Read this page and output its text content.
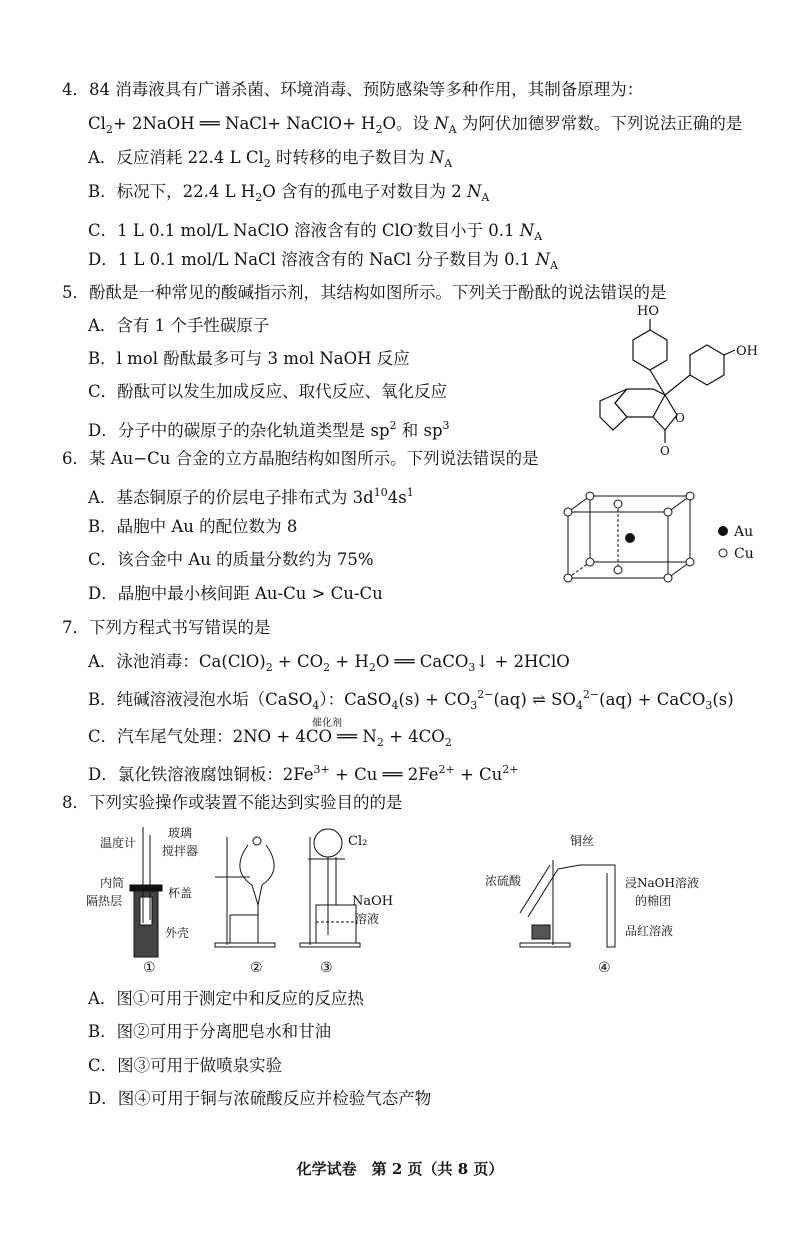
4．84 消毒液具有广谱杀菌、环境消毒、预防感染等多种作用，其制备原理为：
$Cl_2+$ 2NaOH ══ NaCl+ NaClO+ $H_2O$。设 $N_A$ 为阿伏加德罗常数。下列说法正确的是
A．反应消耗 22.4 L $Cl_2$ 时转移的电子数目为 $N_A$
B．标况下，22.4 L $H_2O$ 含有的孤电子对数目为 2 $N_A$
C．1 L 0.1 mol/L NaClO 溶液含有的 ClO-数目小于 0.1 $N_A$
D．1 L 0.1 mol/L NaCl 溶液含有的 NaCl 分子数目为 0.1 $N_A$
5．酚酞是一种常见的酸碱指示剂，其结构如图所示。下列关于酚酞的说法错误的是
A．含有 1 个手性碳原子
B．l mol 酚酞最多可与 3 mol NaOH 反应
C．酚酞可以发生加成反应、取代反应、氧化反应
D．分子中的碳原子的杂化轨道类型是 $sp^2$ 和 $sp^3$
HO
OH
O
O
6．某 Au−Cu 合金的立方晶胞结构如图所示。下列说法错误的是
A．基态铜原子的价层电子排布式为 $3d^{10}4s^1$
B．晶胞中 Au 的配位数为 8
C．该合金中 Au 的质量分数约为 75%
D．晶胞中最小核间距 Au-Cu > Cu-Cu
Au
Cu
7．下列方程式书写错误的是
A．泳池消毒：$Ca(ClO)_2 + CO_2 + H_2O$ ══ CaCO$_3$↓ + 2HClO
B．纯碱溶液浸泡水垢（CaSO$_4$）：CaSO$_4$(s) + $CO_3^{2-}(aq)$ ⇌ $SO_4^{2-}(aq)$ + CaCO$_3$(s)
C．汽车尾气处理：2NO + 4CO ══ $N_2 + 4CO_2$
催化剂
D．氯化铁溶液腐蚀铜板：$2Fe^{3+} + Cu$ ══ $2Fe^{2+} + Cu^{2+}$
8．下列实验操作或装置不能达到实验目的的是
温度计
玻璃
搅拌器
内筒
隔热层
杯盖
外壳
①	②
Cl₂
NaOH
溶液
③
浓硫酸
铜丝
浸NaOH溶液
的棉团
品红溶液
④
A．图①可用于测定中和反应的反应热
B．图②可用于分离肥皂水和甘油
C．图③可用于做喷泉实验
D．图④可用于铜与浓硫酸反应并检验气态产物
化学试卷　第 2 页（共 8 页）
